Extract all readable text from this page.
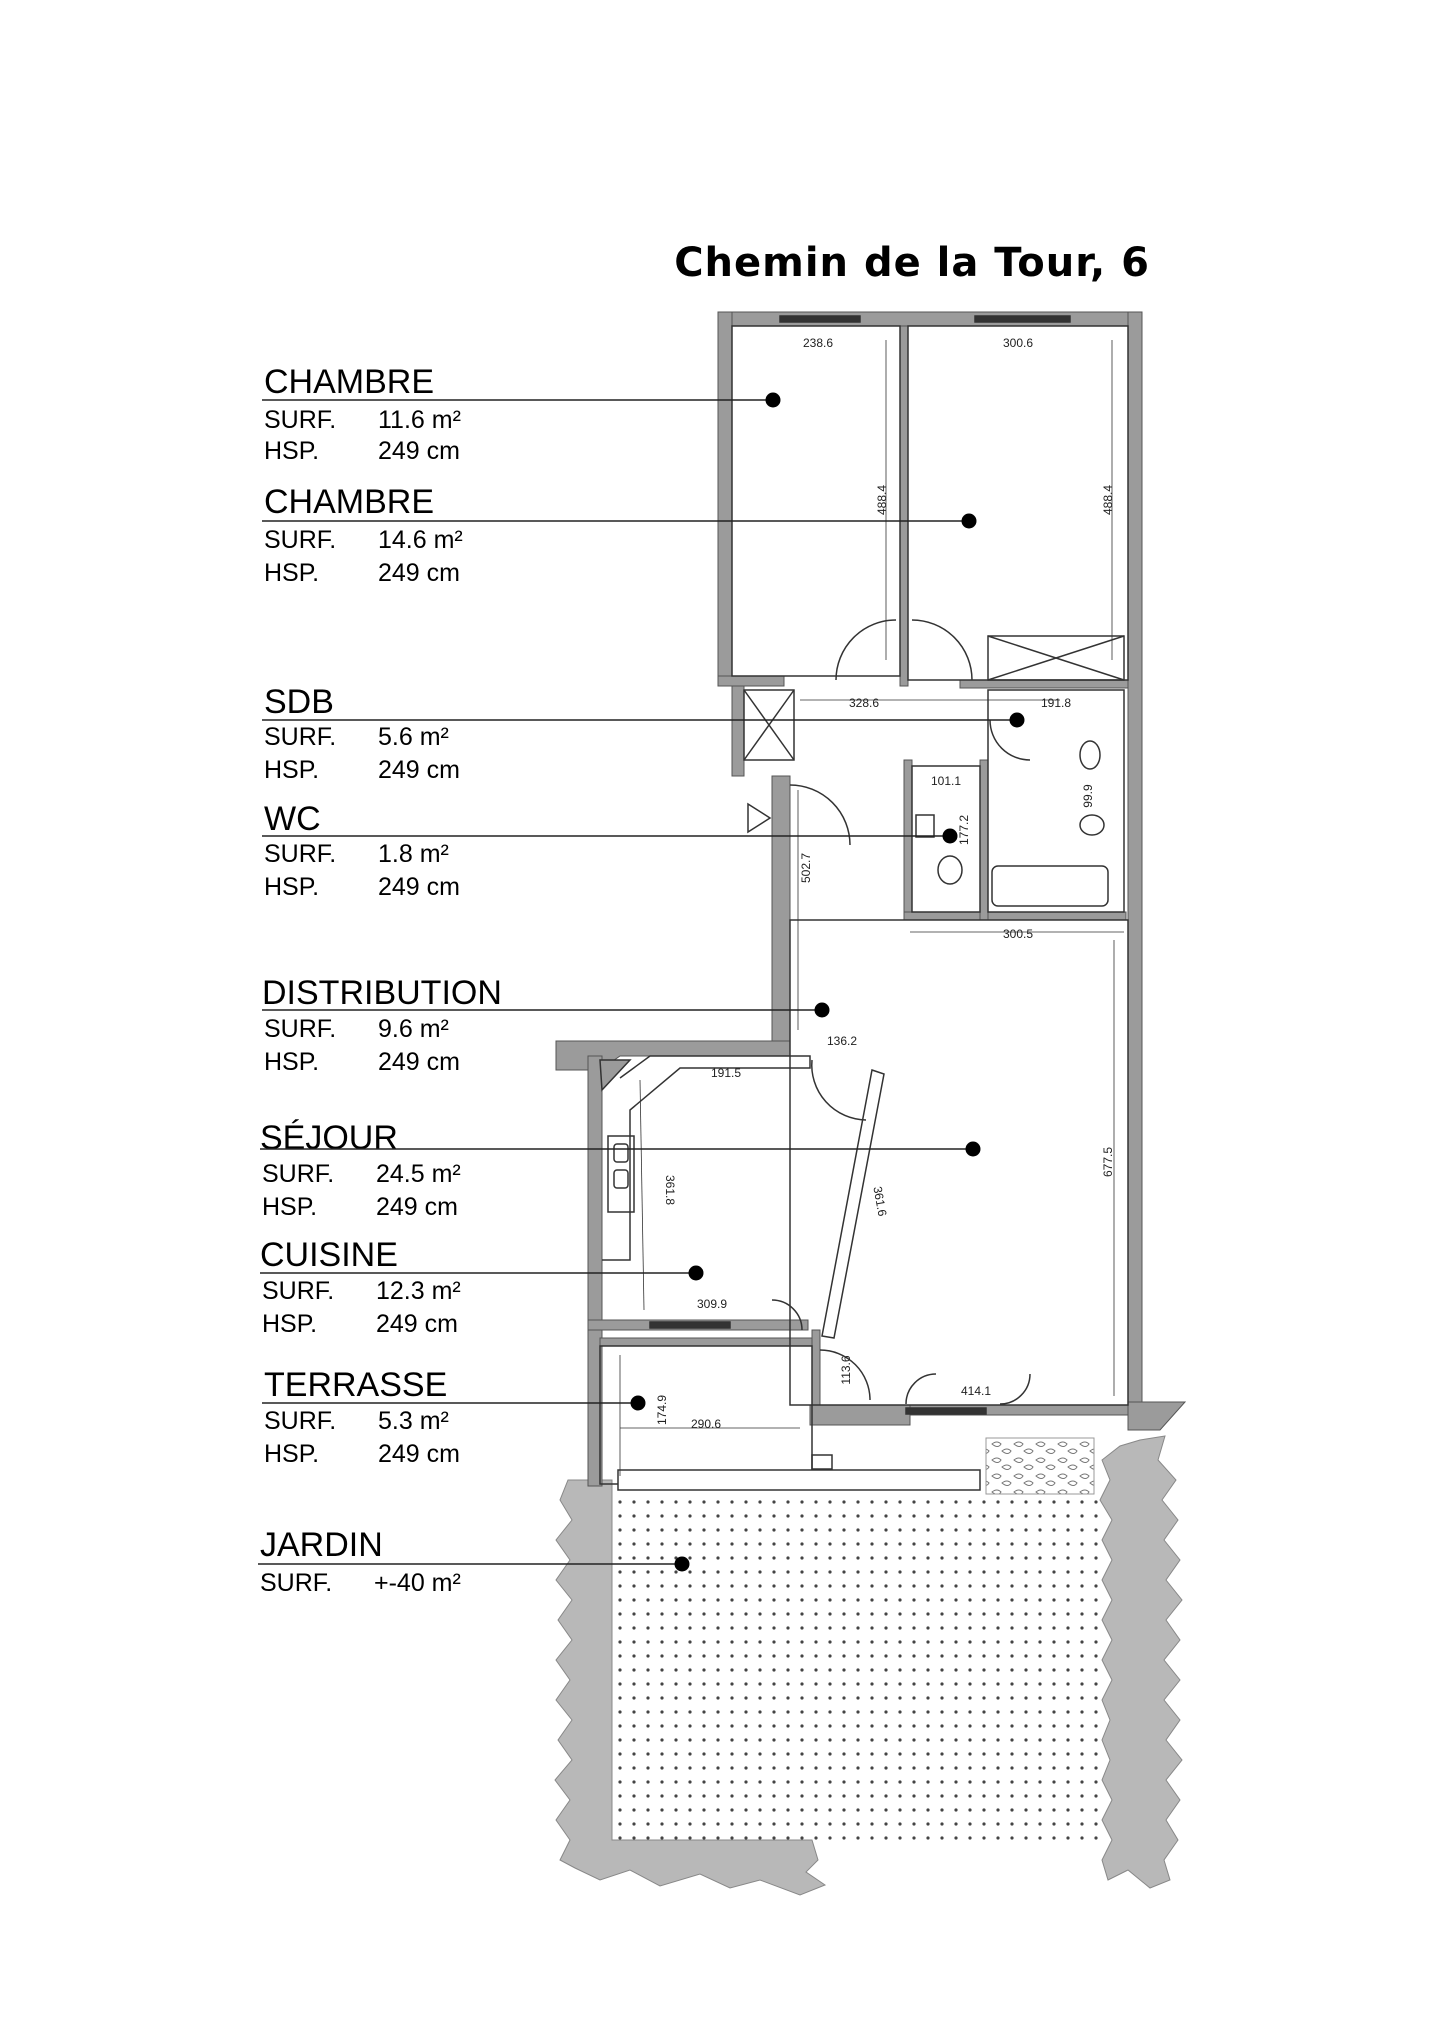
Chemin de la Tour, 6
238.6	300.6
488.4	488.4
328.6	191.8
101.1
177.2
99.9
502.7
300.5
136.2
191.5
361.8	361.6
677.5
309.9
174.9 290.6
113.6
414.1
CHAMBRE
SURF. 11.6 m²
HSP. 249 cm
CHAMBRE
SURF. 14.6 m²
HSP. 249 cm
SDB
SURF. 5.6 m²
HSP. 249 cm
WC
SURF. 1.8 m²
HSP. 249 cm
DISTRIBUTION
SURF. 9.6 m²
HSP. 249 cm
SÉJOUR
SURF. 24.5 m²
HSP. 249 cm
CUISINE
SURF. 12.3 m²
HSP. 249 cm
TERRASSE
SURF. 5.3 m²
HSP. 249 cm
JARDIN
SURF. +-40 m²
